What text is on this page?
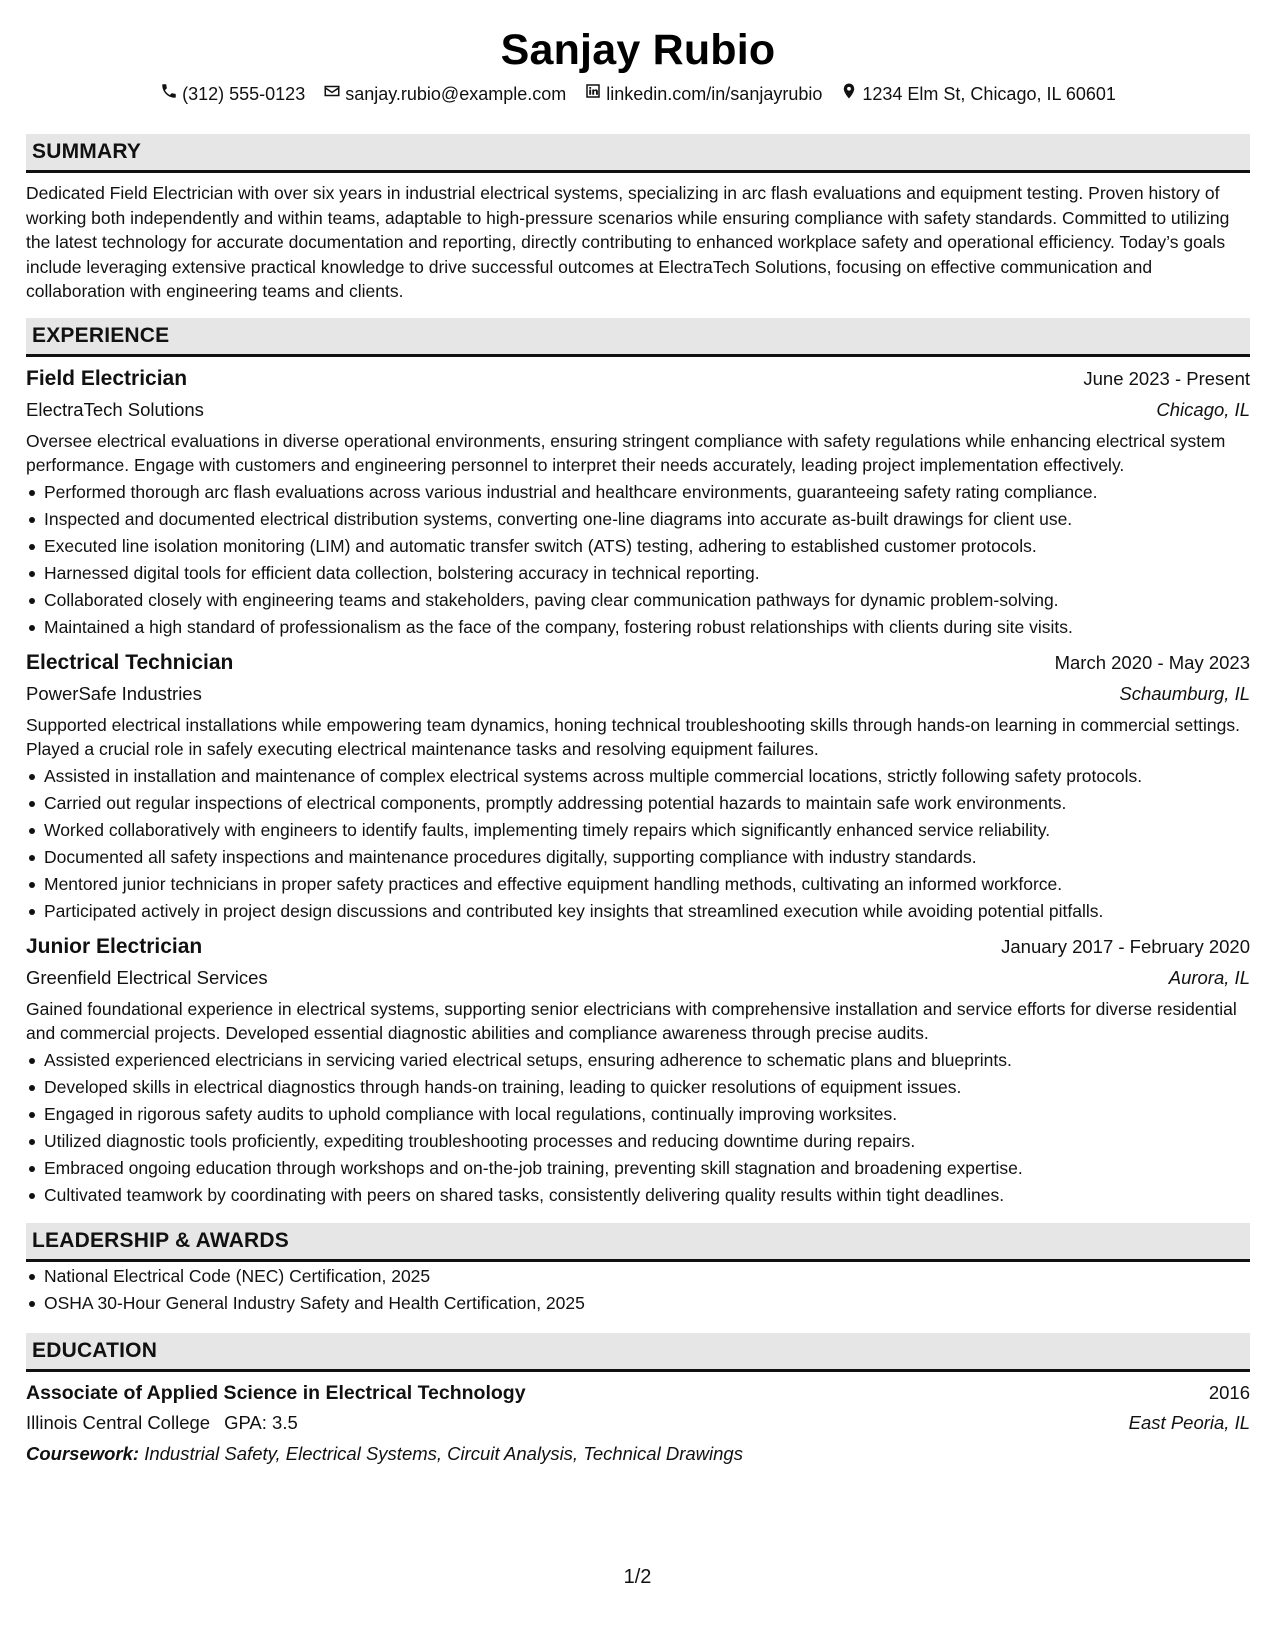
Sanjay Rubio
(312) 555-0123 sanjay.rubio@example.com linkedin.com/in/sanjayrubio 1234 Elm St, Chicago, IL 60601
SUMMARY

Dedicated Field Electrician with over six years in industrial electrical systems, specializing in arc flash evaluations and equipment testing. Proven history of working both independently and within teams, adaptable to high-pressure scenarios while ensuring compliance with safety standards. Committed to utilizing the latest technology for accurate documentation and reporting, directly contributing to enhanced workplace safety and operational efficiency. Today’s goals include leveraging extensive practical knowledge to drive successful outcomes at ElectraTech Solutions, focusing on effective communication and collaboration with engineering teams and clients.

EXPERIENCE
Field Electrician	June 2023 - Present
ElectraTech Solutions	Chicago, IL

Oversee electrical evaluations in diverse operational environments, ensuring stringent compliance with safety regulations while enhancing electrical system performance. Engage with customers and engineering personnel to interpret their needs accurately, leading project implementation effectively.

Performed thorough arc flash evaluations across various industrial and healthcare environments, guaranteeing safety rating compliance.
Inspected and documented electrical distribution systems, converting one-line diagrams into accurate as-built drawings for client use.
Executed line isolation monitoring (LIM) and automatic transfer switch (ATS) testing, adhering to established customer protocols.
Harnessed digital tools for efficient data collection, bolstering accuracy in technical reporting.
Collaborated closely with engineering teams and stakeholders, paving clear communication pathways for dynamic problem-solving.
Maintained a high standard of professionalism as the face of the company, fostering robust relationships with clients during site visits.
Electrical Technician	March 2020 - May 2023
PowerSafe Industries	Schaumburg, IL

Supported electrical installations while empowering team dynamics, honing technical troubleshooting skills through hands-on learning in commercial settings. Played a crucial role in safely executing electrical maintenance tasks and resolving equipment failures.

Assisted in installation and maintenance of complex electrical systems across multiple commercial locations, strictly following safety protocols.
Carried out regular inspections of electrical components, promptly addressing potential hazards to maintain safe work environments.
Worked collaboratively with engineers to identify faults, implementing timely repairs which significantly enhanced service reliability.
Documented all safety inspections and maintenance procedures digitally, supporting compliance with industry standards.
Mentored junior technicians in proper safety practices and effective equipment handling methods, cultivating an informed workforce.
Participated actively in project design discussions and contributed key insights that streamlined execution while avoiding potential pitfalls.
Junior Electrician	January 2017 - February 2020
Greenfield Electrical Services	Aurora, IL

Gained foundational experience in electrical systems, supporting senior electricians with comprehensive installation and service efforts for diverse residential and commercial projects. Developed essential diagnostic abilities and compliance awareness through precise audits.

Assisted experienced electricians in servicing varied electrical setups, ensuring adherence to schematic plans and blueprints.
Developed skills in electrical diagnostics through hands-on training, leading to quicker resolutions of equipment issues.
Engaged in rigorous safety audits to uphold compliance with local regulations, continually improving worksites.
Utilized diagnostic tools proficiently, expediting troubleshooting processes and reducing downtime during repairs.
Embraced ongoing education through workshops and on-the-job training, preventing skill stagnation and broadening expertise.
Cultivated teamwork by coordinating with peers on shared tasks, consistently delivering quality results within tight deadlines.
LEADERSHIP & AWARDS
National Electrical Code (NEC) Certification, 2025
OSHA 30-Hour General Industry Safety and Health Certification, 2025
EDUCATION
Associate of Applied Science in Electrical Technology	2016
Illinois Central College GPA: 3.5	East Peoria, IL
Coursework: Industrial Safety, Electrical Systems, Circuit Analysis, Technical Drawings
1/2
